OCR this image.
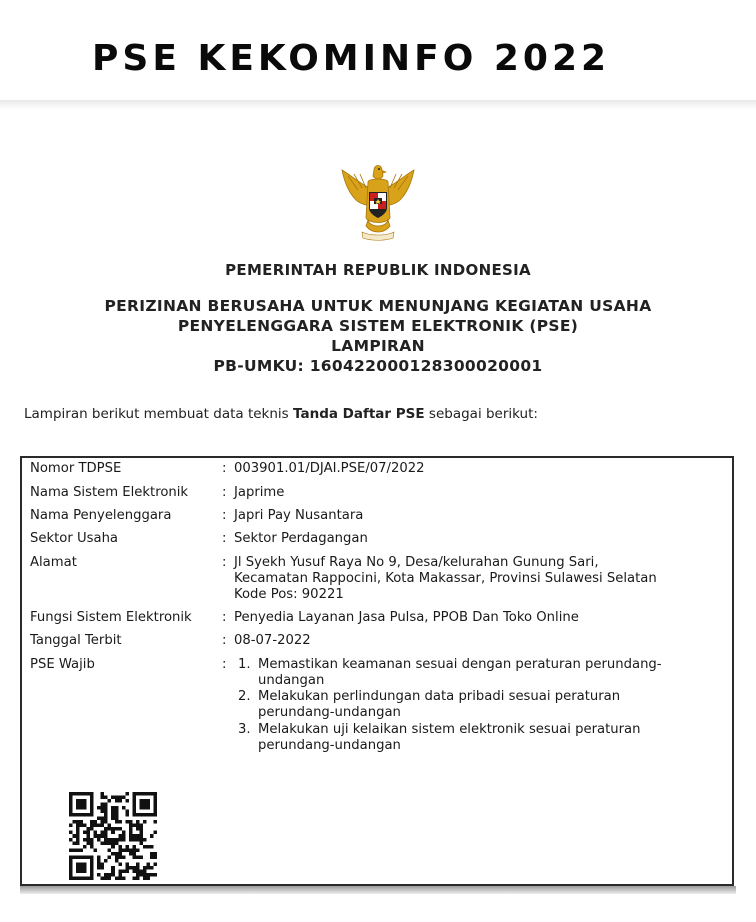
PSE KEKOMINFO 2022
PEMERINTAH REPUBLIK INDONESIA
PERIZINAN BERUSAHA UNTUK MENUNJANG KEGIATAN USAHA
PENYELENGGARA SISTEM ELEKTRONIK (PSE)
LAMPIRAN
PB-UMKU: 160422000128300020001
Lampiran berikut membuat data teknis Tanda Daftar PSE sebagai berikut:
Nomor TDPSE	: 003901.01/DJAI.PSE/07/2022
Nama Sistem Elektronik	: Japrime
Nama Penyelenggara	: Japri Pay Nusantara
Sektor Usaha	: Sektor Perdagangan
Alamat	: Jl Syekh Yusuf Raya No 9, Desa/kelurahan Gunung Sari,
Kecamatan Rappocini, Kota Makassar, Provinsi Sulawesi Selatan
Kode Pos: 90221
Fungsi Sistem Elektronik : Penyedia Layanan Jasa Pulsa, PPOB Dan Toko Online
Tanggal Terbit	: 08-07-2022
PSE Wajib	: 1. Memastikan keamanan sesuai dengan peraturan perundang-
undangan
2. Melakukan perlindungan data pribadi sesuai peraturan
perundang-undangan
3. Melakukan uji kelaikan sistem elektronik sesuai peraturan
perundang-undangan
